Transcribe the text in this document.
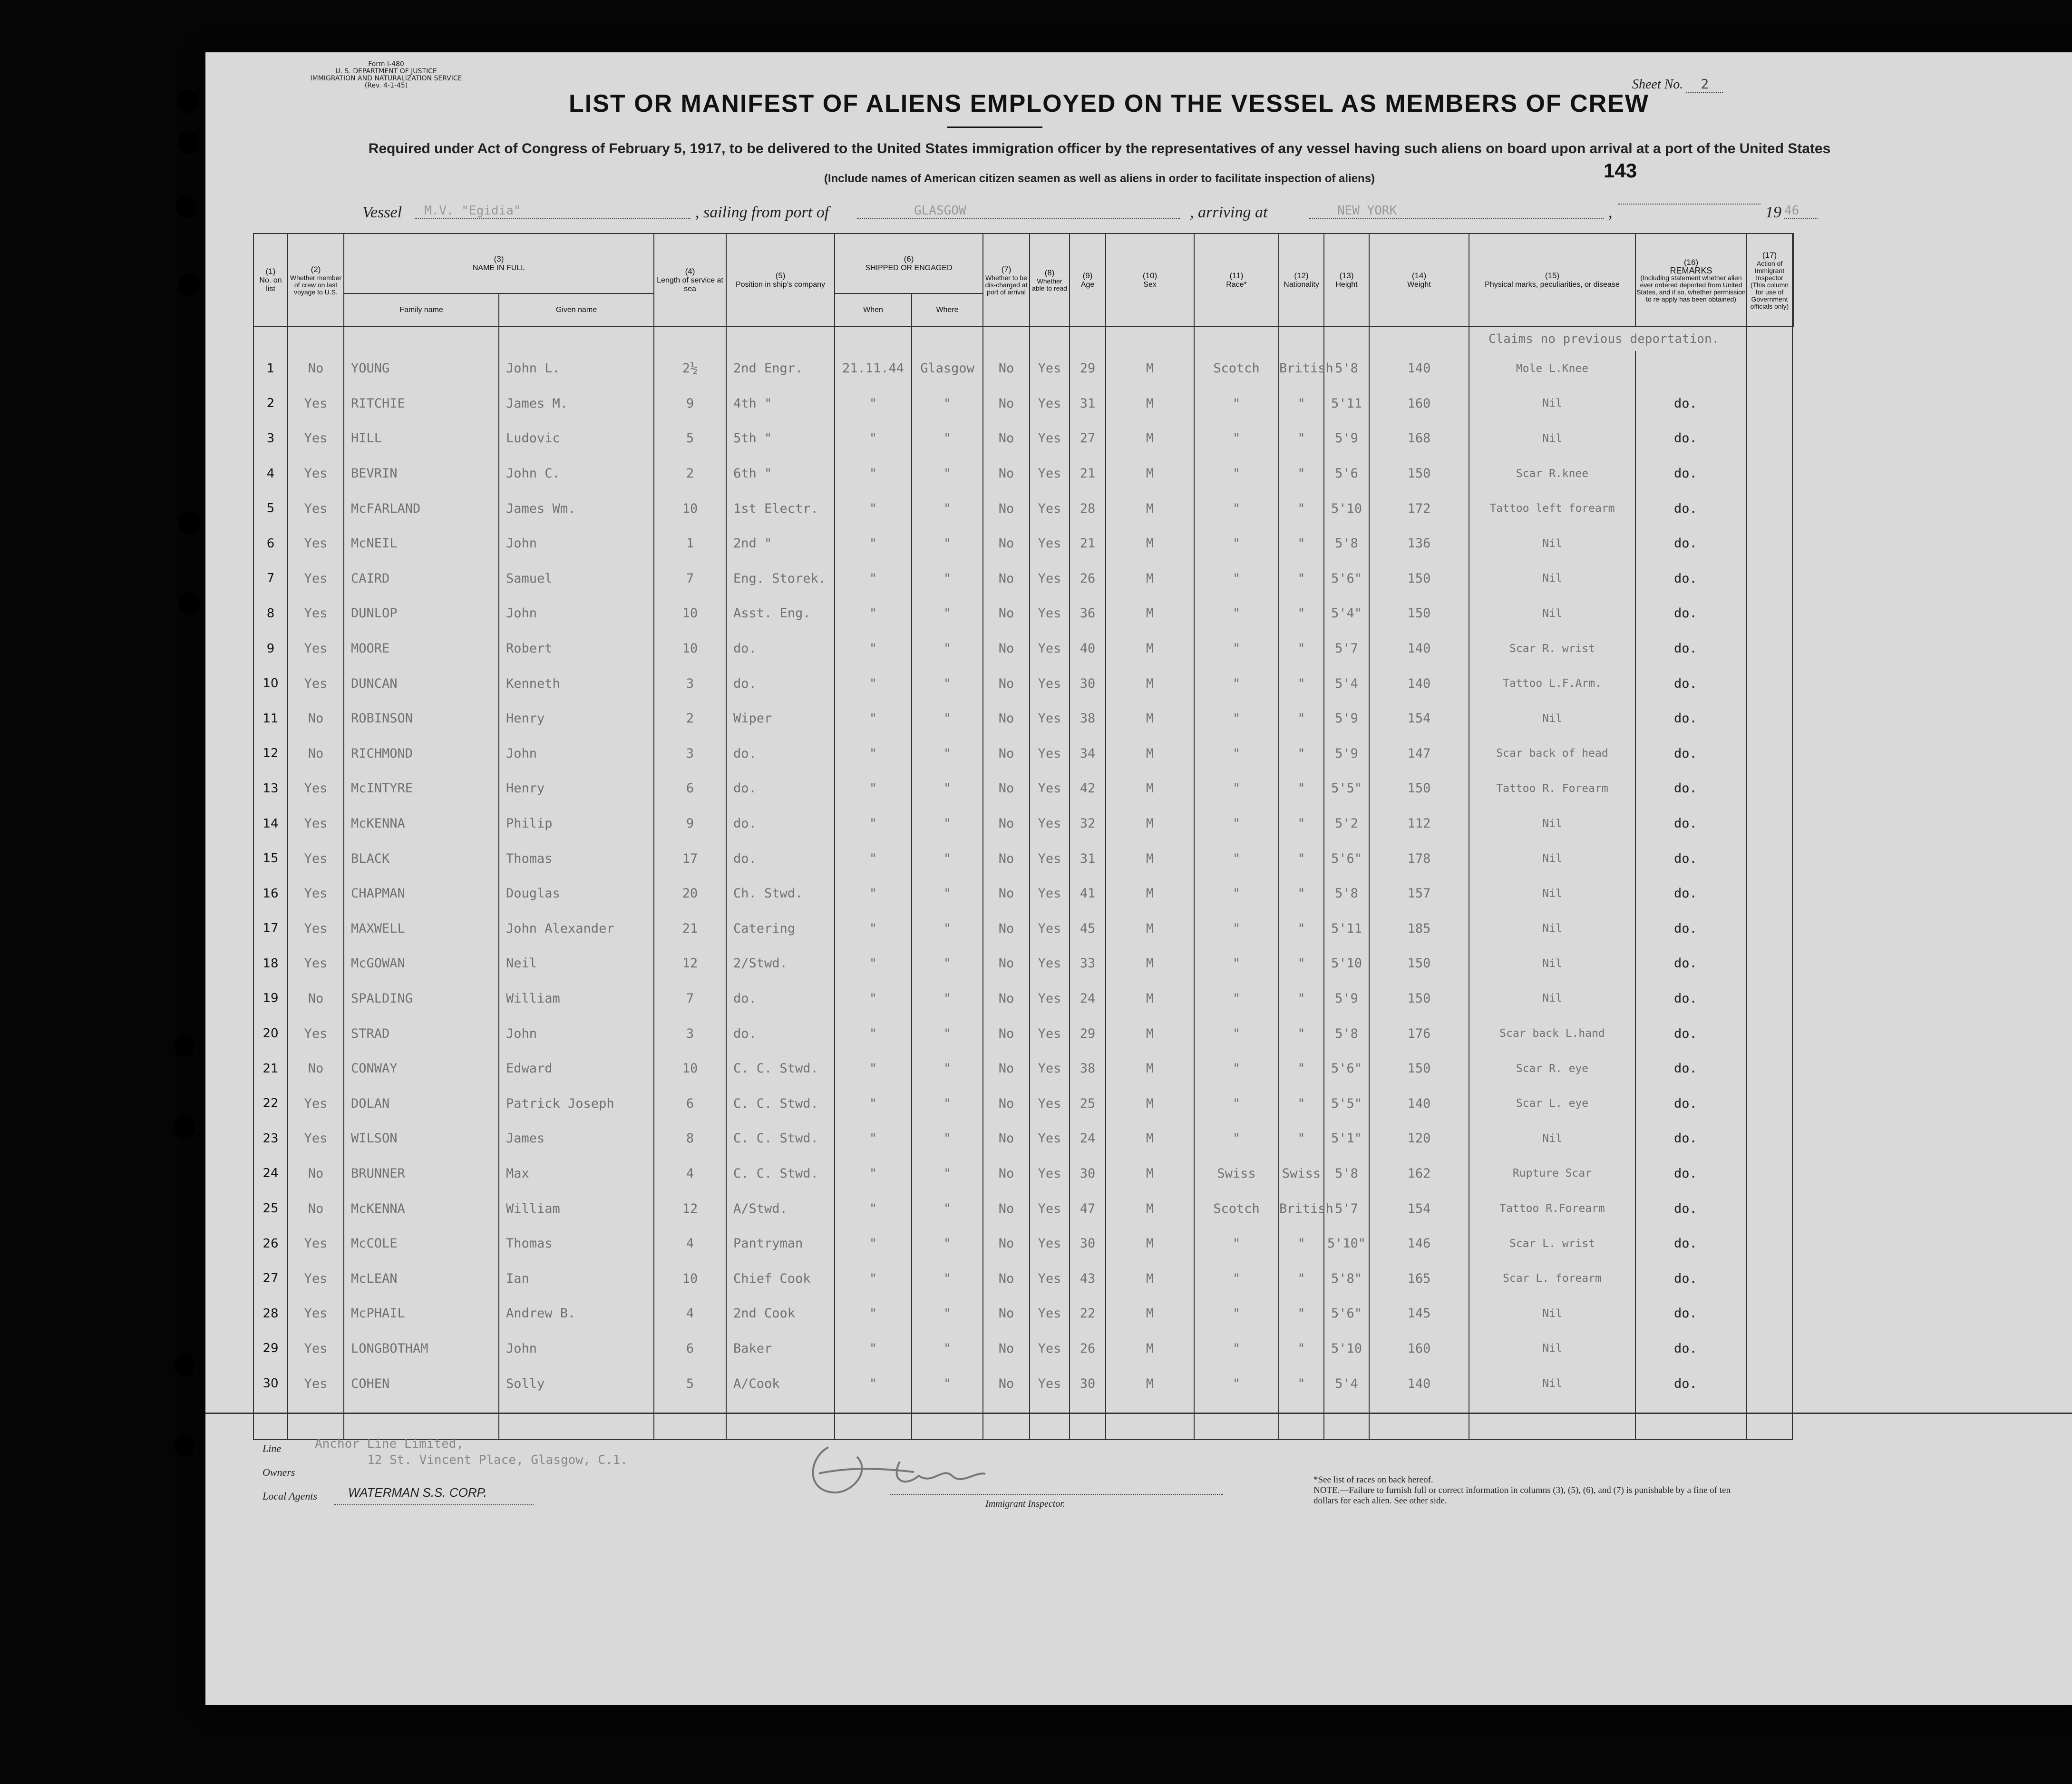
Form I-480
U. S. DEPARTMENT OF JUSTICE
IMMIGRATION AND NATURALIZATION SERVICE
(Rev. 4-1-45)	Sheet No. 2
LIST OR MANIFEST OF ALIENS EMPLOYED ON THE VESSEL AS MEMBERS OF CREW
Required under Act of Congress of February 5, 1917, to be delivered to the United States immigration officer by the representatives of any vessel having such aliens on board upon arrival at a port of the United States
(Include names of American citizen seamen as well as aliens in order to facilitate inspection of aliens)	143
Vessel	M.V. "Egidia"	, sailing from port of	GLASGOW	, arriving at	NEW YORK	,	19 46
(1)
No. on list	(2)
Whether member of crew on last voyage to U.S.	(3)
NAME IN FULL		(4)
Length of service at sea	(5)
Position in ship's company	(6)
SHIPPED OR ENGAGED		(7)
Whether to be dis-charged at port of arrival	(8)
Whether able to read	(9)
Age	(10)
Sex	(11)
Race*	(12)
Nationality	(13)
Height	(14)
Weight	(15)
Physical marks, peculiarities, or disease	(16)
REMARKS
(Including statement whether alien ever ordered deported from United States, and if so, whether permission to re-apply has been obtained)	(17)
Action of Immigrant Inspector
(This column for use of Government officials only)	

		Family name	Given name			When	Where												

																Claims no previous deportation.			
1	No	YOUNG	John L.	2½	2nd Engr.	21.11.44	Glasgow	No	Yes	29	M	Scotch	British	5'8	140	Mole L.Knee			
2	Yes	RITCHIE	James M.	9	4th "	"	"	No	Yes	31	M	"	"	5'11	160	Nil	do.		
3	Yes	HILL	Ludovic	5	5th "	"	"	No	Yes	27	M	"	"	5'9	168	Nil	do.		
4	Yes	BEVRIN	John C.	2	6th "	"	"	No	Yes	21	M	"	"	5'6	150	Scar R.knee	do.		
5	Yes	McFARLAND	James Wm.	10	1st Electr.	"	"	No	Yes	28	M	"	"	5'10	172	Tattoo left forearm	do.		
6	Yes	McNEIL	John	1	2nd "	"	"	No	Yes	21	M	"	"	5'8	136	Nil	do.		
7	Yes	CAIRD	Samuel	7	Eng. Storek.	"	"	No	Yes	26	M	"	"	5'6"	150	Nil	do.		
8	Yes	DUNLOP	John	10	Asst. Eng.	"	"	No	Yes	36	M	"	"	5'4"	150	Nil	do.		
9	Yes	MOORE	Robert	10	do.	"	"	No	Yes	40	M	"	"	5'7	140	Scar R. wrist	do.		
10	Yes	DUNCAN	Kenneth	3	do.	"	"	No	Yes	30	M	"	"	5'4	140	Tattoo L.F.Arm.	do.		
11	No	ROBINSON	Henry	2	Wiper	"	"	No	Yes	38	M	"	"	5'9	154	Nil	do.		
12	No	RICHMOND	John	3	do.	"	"	No	Yes	34	M	"	"	5'9	147	Scar back of head	do.		
13	Yes	McINTYRE	Henry	6	do.	"	"	No	Yes	42	M	"	"	5'5"	150	Tattoo R. Forearm	do.		
14	Yes	McKENNA	Philip	9	do.	"	"	No	Yes	32	M	"	"	5'2	112	Nil	do.		
15	Yes	BLACK	Thomas	17	do.	"	"	No	Yes	31	M	"	"	5'6"	178	Nil	do.		
16	Yes	CHAPMAN	Douglas	20	Ch. Stwd.	"	"	No	Yes	41	M	"	"	5'8	157	Nil	do.		
17	Yes	MAXWELL	John Alexander	21	Catering	"	"	No	Yes	45	M	"	"	5'11	185	Nil	do.		
18	Yes	McGOWAN	Neil	12	2/Stwd.	"	"	No	Yes	33	M	"	"	5'10	150	Nil	do.		
19	No	SPALDING	William	7	do.	"	"	No	Yes	24	M	"	"	5'9	150	Nil	do.		
20	Yes	STRAD	John	3	do.	"	"	No	Yes	29	M	"	"	5'8	176	Scar back L.hand	do.		
21	No	CONWAY	Edward	10	C. C. Stwd.	"	"	No	Yes	38	M	"	"	5'6"	150	Scar R. eye	do.		
22	Yes	DOLAN	Patrick Joseph	6	C. C. Stwd.	"	"	No	Yes	25	M	"	"	5'5"	140	Scar L. eye	do.		
23	Yes	WILSON	James	8	C. C. Stwd.	"	"	No	Yes	24	M	"	"	5'1"	120	Nil	do.		
24	No	BRUNNER	Max	4	C. C. Stwd.	"	"	No	Yes	30	M	Swiss	Swiss	5'8	162	Rupture Scar	do.		
25	No	McKENNA	William	12	A/Stwd.	"	"	No	Yes	47	M	Scotch	British	5'7	154	Tattoo R.Forearm	do.		
26	Yes	McCOLE	Thomas	4	Pantryman	"	"	No	Yes	30	M	"	"	5'10"	146	Scar L. wrist	do.		
27	Yes	McLEAN	Ian	10	Chief Cook	"	"	No	Yes	43	M	"	"	5'8"	165	Scar L. forearm	do.		
28	Yes	McPHAIL	Andrew B.	4	2nd Cook	"	"	No	Yes	22	M	"	"	5'6"	145	Nil	do.		
29	Yes	LONGBOTHAM	John	6	Baker	"	"	No	Yes	26	M	"	"	5'10	160	Nil	do.		
30	Yes	COHEN	Solly	5	A/Cook	"	"	No	Yes	30	M	"	"	5'4	140	Nil	do.		

Line	Anchor Line Limited,
Owners
12 St. Vincent Place, Glasgow, C.1.
Local Agents WATERMAN S.S. CORP.
Immigrant Inspector.
*See list of races on back hereof.
NOTE.—Failure to furnish full or correct information in columns (3), (5), (6), and (7) is punishable by a fine of ten dollars for each alien. See other side.
